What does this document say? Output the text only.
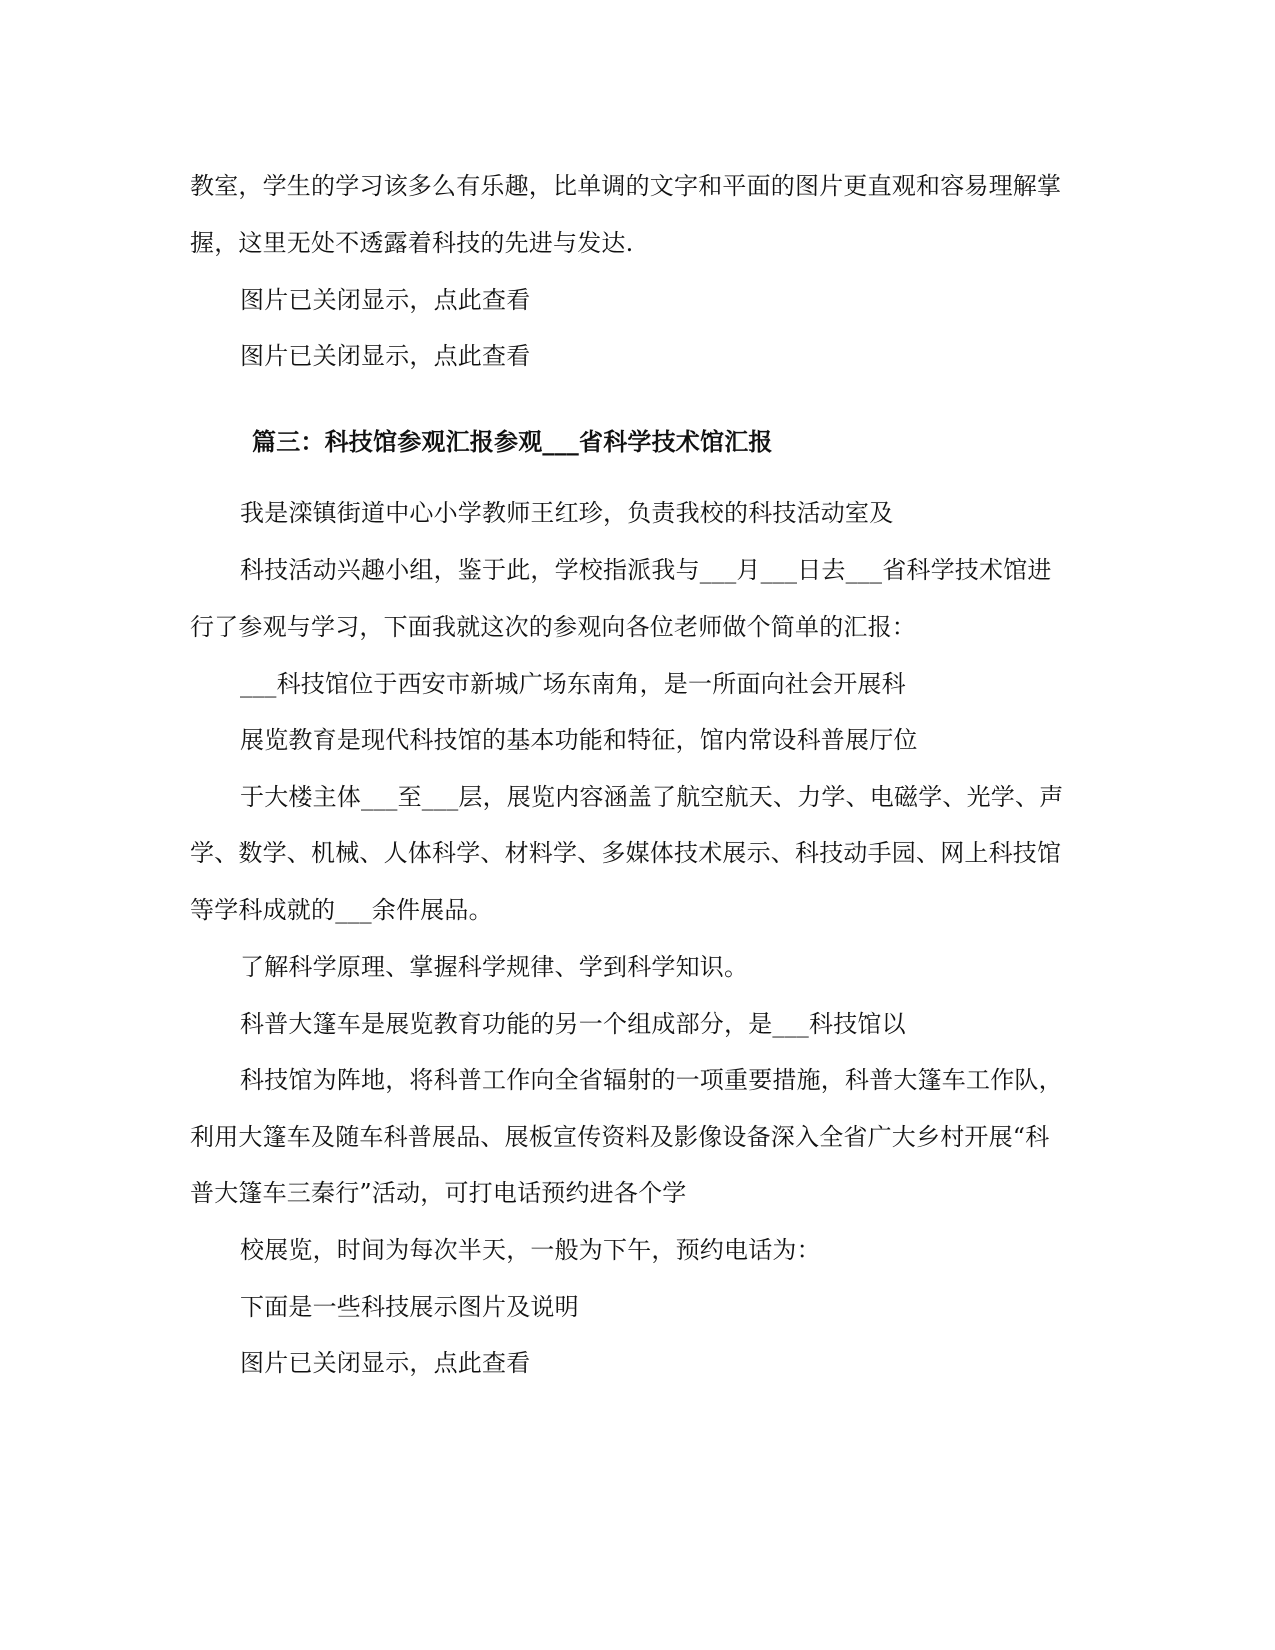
教室，学生的学习该多么有乐趣，比单调的文字和平面的图片更直观和容易理解掌
握，这里无处不透露着科技的先进与发达.
图片已关闭显示，点此查看
图片已关闭显示，点此查看
篇三：科技馆参观汇报参观___省科学技术馆汇报
我是滦镇街道中心小学教师王红珍，负责我校的科技活动室及
科技活动兴趣小组，鉴于此，学校指派我与___月___日去___省科学技术馆进
行了参观与学习，下面我就这次的参观向各位老师做个简单的汇报：
___科技馆位于西安市新城广场东南角，是一所面向社会开展科
展览教育是现代科技馆的基本功能和特征，馆内常设科普展厅位
于大楼主体___至___层，展览内容涵盖了航空航天、力学、电磁学、光学、声
学、数学、机械、人体科学、材料学、多媒体技术展示、科技动手园、网上科技馆
等学科成就的___余件展品。
了解科学原理、掌握科学规律、学到科学知识。
科普大篷车是展览教育功能的另一个组成部分，是___科技馆以
科技馆为阵地，将科普工作向全省辐射的一项重要措施，科普大篷车工作队，
利用大篷车及随车科普展品、展板宣传资料及影像设备深入全省广大乡村开展“科
普大篷车三秦行”活动，可打电话预约进各个学
校展览，时间为每次半天，一般为下午，预约电话为：
下面是一些科技展示图片及说明
图片已关闭显示，点此查看
